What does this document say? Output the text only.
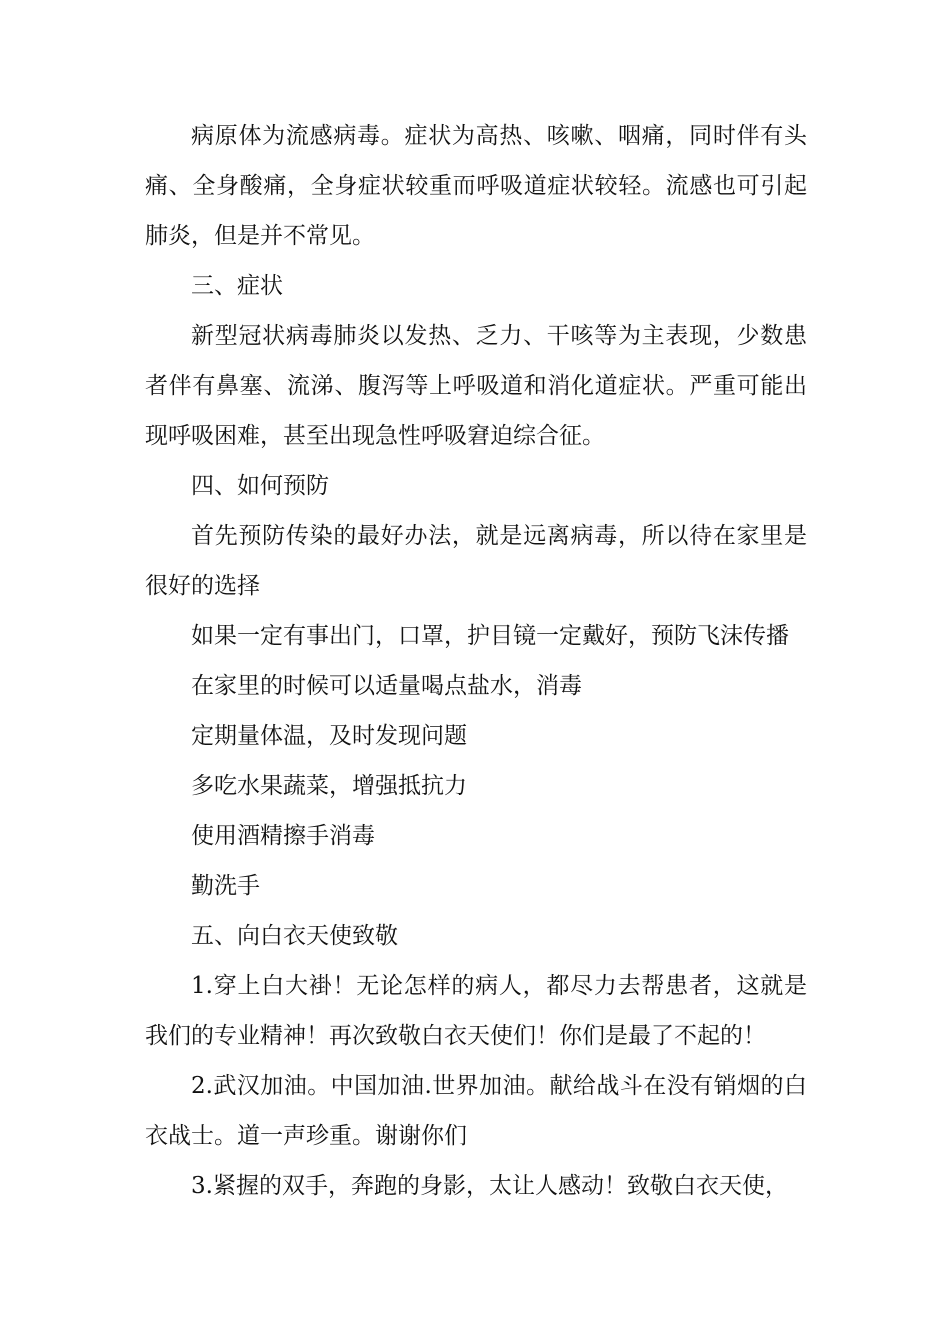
病原体为流感病毒。症状为高热、咳嗽、咽痛，同时伴有头痛、全身酸痛，全身症状较重而呼吸道症状较轻。流感也可引起肺炎，但是并不常见。

三、症状

新型冠状病毒肺炎以发热、乏力、干咳等为主表现，少数患者伴有鼻塞、流涕、腹泻等上呼吸道和消化道症状。严重可能出现呼吸困难，甚至出现急性呼吸窘迫综合征。

四、如何预防

首先预防传染的最好办法，就是远离病毒，所以待在家里是很好的选择

如果一定有事出门，口罩，护目镜一定戴好，预防飞沫传播

在家里的时候可以适量喝点盐水，消毒

定期量体温，及时发现问题

多吃水果蔬菜，增强抵抗力

使用酒精擦手消毒

勤洗手

五、向白衣天使致敬

1.穿上白大褂！无论怎样的病人，都尽力去帮患者，这就是我们的专业精神！再次致敬白衣天使们！你们是最了不起的！

2.武汉加油。中国加油.世界加油。献给战斗在没有销烟的白衣战士。道一声珍重。谢谢你们

3.紧握的双手，奔跑的身影，太让人感动！致敬白衣天使，
